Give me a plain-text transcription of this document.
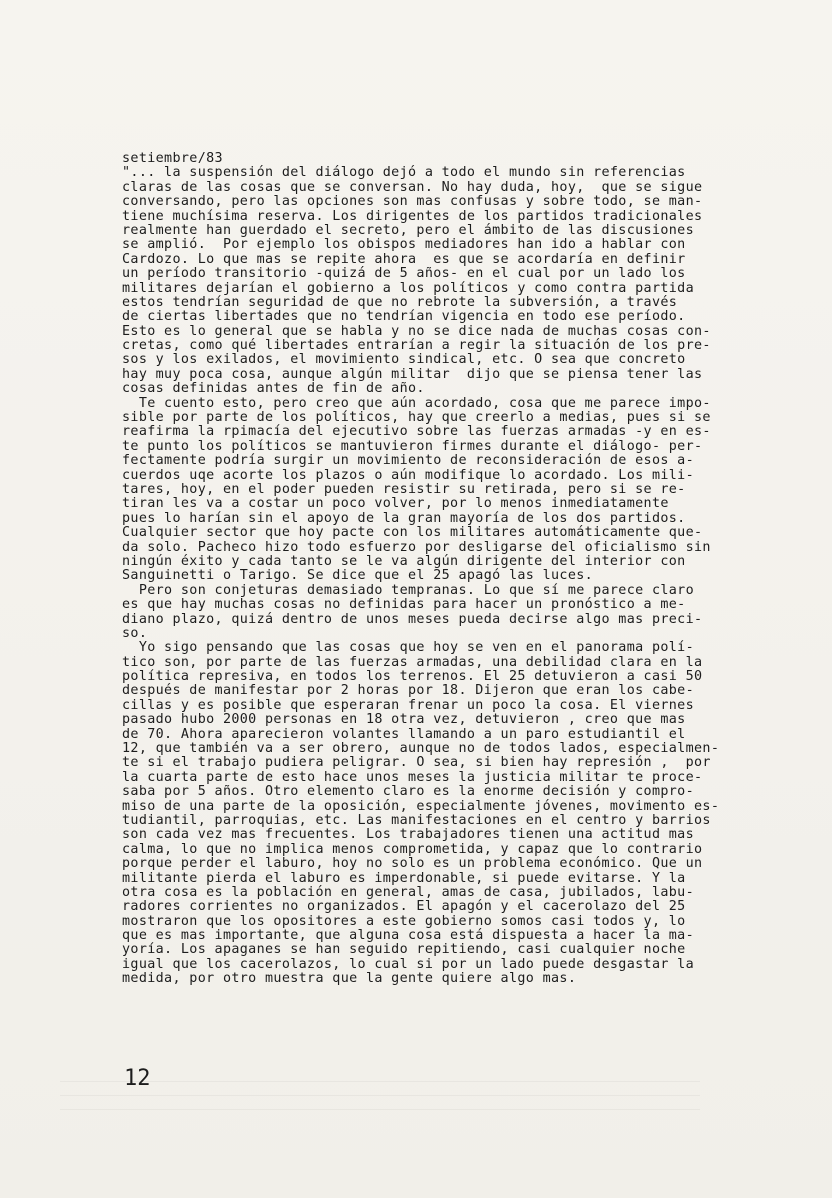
setiembre/83
"... la suspensión del diálogo dejó a todo el mundo sin referencias
claras de las cosas que se conversan. No hay duda, hoy,  que se sigue
conversando, pero las opciones son mas confusas y sobre todo, se man-
tiene muchísima reserva. Los dirigentes de los partidos tradicionales
realmente han guerdado el secreto, pero el ámbito de las discusiones
se amplió.  Por ejemplo los obispos mediadores han ido a hablar con
Cardozo. Lo que mas se repite ahora  es que se acordaría en definir
un período transitorio -quizá de 5 años- en el cual por un lado los
militares dejarían el gobierno a los políticos y como contra partida
estos tendrían seguridad de que no rebrote la subversión, a través
de ciertas libertades que no tendrían vigencia en todo ese período.
Esto es lo general que se habla y no se dice nada de muchas cosas con-
cretas, como qué libertades entrarían a regir la situación de los pre-
sos y los exilados, el movimiento sindical, etc. O sea que concreto
hay muy poca cosa, aunque algún militar  dijo que se piensa tener las
cosas definidas antes de fin de año.
Te cuento esto, pero creo que aún acordado, cosa que me parece impo-
sible por parte de los políticos, hay que creerlo a medias, pues si se
reafirma la rpimacía del ejecutivo sobre las fuerzas armadas -y en es-
te punto los políticos se mantuvieron firmes durante el diálogo- per-
fectamente podría surgir un movimiento de reconsideración de esos a-
cuerdos uqe acorte los plazos o aún modifique lo acordado. Los mili-
tares, hoy, en el poder pueden resistir su retirada, pero si se re-
tiran les va a costar un poco volver, por lo menos inmediatamente
pues lo harían sin el apoyo de la gran mayoría de los dos partidos.
Cualquier sector que hoy pacte con los militares automáticamente que-
da solo. Pacheco hizo todo esfuerzo por desligarse del oficialismo sin
ningún éxito y cada tanto se le va algún dirigente del interior con
Sanguinetti o Tarigo. Se dice que el 25 apagó las luces.
Pero son conjeturas demasiado tempranas. Lo que sí me parece claro
es que hay muchas cosas no definidas para hacer un pronóstico a me-
diano plazo, quizá dentro de unos meses pueda decirse algo mas preci-
so.
Yo sigo pensando que las cosas que hoy se ven en el panorama polí-
tico son, por parte de las fuerzas armadas, una debilidad clara en la
política represiva, en todos los terrenos. El 25 detuvieron a casi 50
después de manifestar por 2 horas por 18. Dijeron que eran los cabe-
cillas y es posible que esperaran frenar un poco la cosa. El viernes
pasado hubo 2000 personas en 18 otra vez, detuvieron , creo que mas
de 70. Ahora aparecieron volantes llamando a un paro estudiantil el
12, que también va a ser obrero, aunque no de todos lados, especialmen-
te si el trabajo pudiera peligrar. O sea, si bien hay represión ,  por
la cuarta parte de esto hace unos meses la justicia militar te proce-
saba por 5 años. Otro elemento claro es la enorme decisión y compro-
miso de una parte de la oposición, especialmente jóvenes, movimento es-
tudiantil, parroquias, etc. Las manifestaciones en el centro y barrios
son cada vez mas frecuentes. Los trabajadores tienen una actitud mas
calma, lo que no implica menos comprometida, y capaz que lo contrario
porque perder el laburo, hoy no solo es un problema económico. Que un
militante pierda el laburo es imperdonable, si puede evitarse. Y la
otra cosa es la población en general, amas de casa, jubilados, labu-
radores corrientes no organizados. El apagón y el cacerolazo del 25
mostraron que los opositores a este gobierno somos casi todos y, lo
que es mas importante, que alguna cosa está dispuesta a hacer la ma-
yoría. Los apaganes se han seguido repitiendo, casi cualquier noche
igual que los cacerolazos, lo cual si por un lado puede desgastar la
medida, por otro muestra que la gente quiere algo mas.
12
